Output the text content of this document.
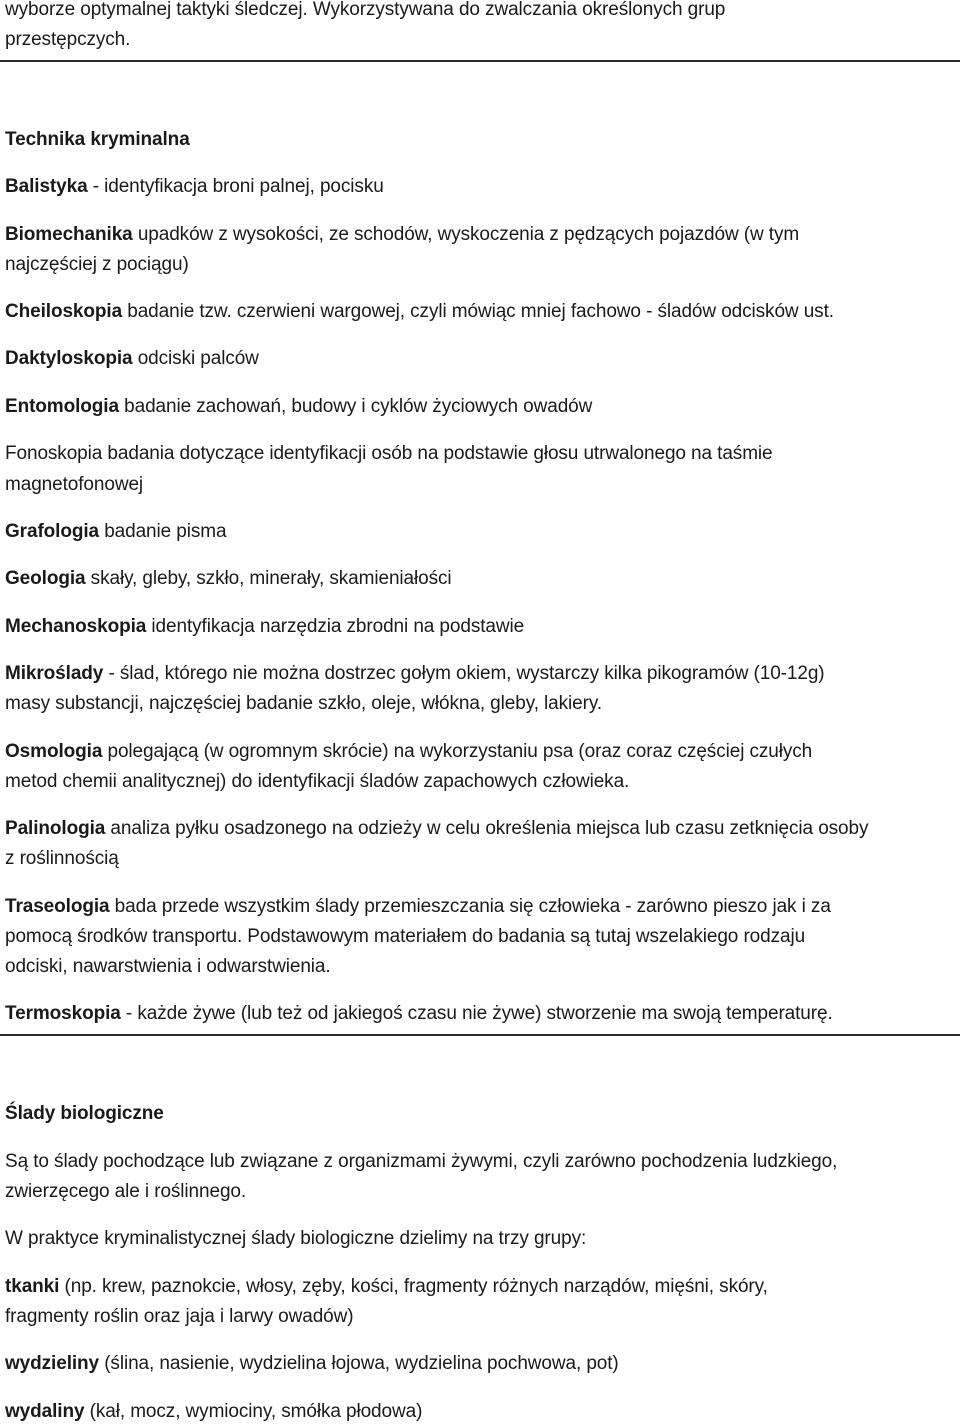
wyborze optymalnej taktyki śledczej. Wykorzystywana do zwalczania określonych grup
przestępczych.
Technika kryminalna
Balistyka - identyfikacja broni palnej, pocisku
Biomechanika upadków z wysokości, ze schodów, wyskoczenia z pędzących pojazdów (w tym
najczęściej z pociągu)
Cheiloskopia badanie tzw. czerwieni wargowej, czyli mówiąc mniej fachowo - śladów odcisków ust.
Daktyloskopia odciski palców
Entomologia badanie zachowań, budowy i cyklów życiowych owadów
Fonoskopia badania dotyczące identyfikacji osób na podstawie głosu utrwalonego na taśmie
magnetofonowej
Grafologia badanie pisma
Geologia skały, gleby, szkło, minerały, skamieniałości
Mechanoskopia identyfikacja narzędzia zbrodni na podstawie
Mikroślady - ślad, którego nie można dostrzec gołym okiem, wystarczy kilka pikogramów (10-12g)
masy substancji, najczęściej badanie szkło, oleje, włókna, gleby, lakiery.
Osmologia polegającą (w ogromnym skrócie) na wykorzystaniu psa (oraz coraz częściej czułych
metod chemii analitycznej) do identyfikacji śladów zapachowych człowieka.
Palinologia analiza pyłku osadzonego na odzieży w celu określenia miejsca lub czasu zetknięcia osoby
z roślinnością
Traseologia bada przede wszystkim ślady przemieszczania się człowieka - zarówno pieszo jak i za
pomocą środków transportu. Podstawowym materiałem do badania są tutaj wszelakiego rodzaju
odciski, nawarstwienia i odwarstwienia.
Termoskopia - każde żywe (lub też od jakiegoś czasu nie żywe) stworzenie ma swoją temperaturę.
Ślady biologiczne
Są to ślady pochodzące lub związane z organizmami żywymi, czyli zarówno pochodzenia ludzkiego,
zwierzęcego ale i roślinnego.
W praktyce kryminalistycznej ślady biologiczne dzielimy na trzy grupy:
tkanki (np. krew, paznokcie, włosy, zęby, kości, fragmenty różnych narządów, mięśni, skóry,
fragmenty roślin oraz jaja i larwy owadów)
wydzieliny (ślina, nasienie, wydzielina łojowa, wydzielina pochwowa, pot)
wydaliny (kał, mocz, wymiociny, smółka płodowa)
